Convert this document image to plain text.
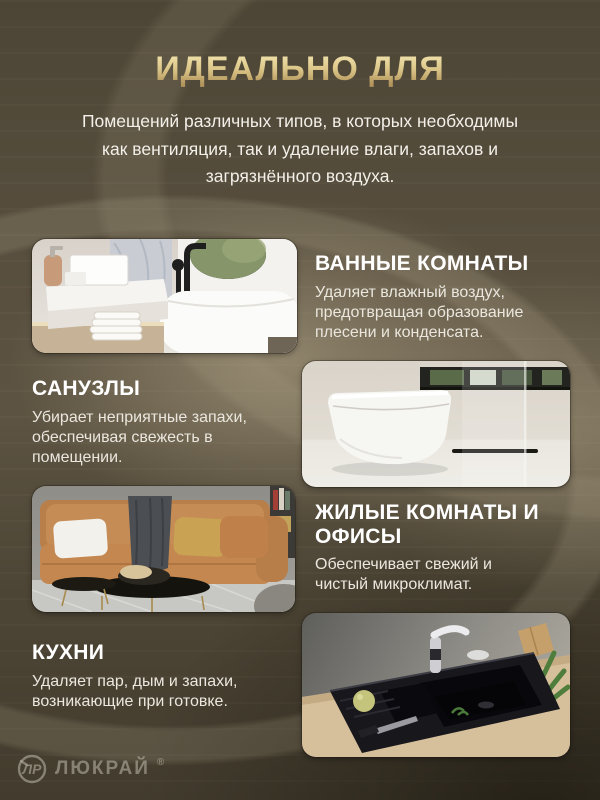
ИДЕАЛЬНО ДЛЯ

Помещений различных типов, в которых необходимы как вентиляция, так и удаление влаги, запахов и загрязнённого воздуха.

ВАННЫЕ КОМНАТЫ

Удаляет влажный воздух, предотвращая образование плесени и конденсата.

САНУЗЛЫ

Убирает неприятные запахи, обеспечивая свежесть в помещении.

ЖИЛЫЕ КОМНАТЫ И ОФИСЫ

Обеспечивает свежий и чистый микроклимат.

КУХНИ

Удаляет пар, дым и запахи, возникающие при готовке.

ЛР ЛЮКРАЙ ®
